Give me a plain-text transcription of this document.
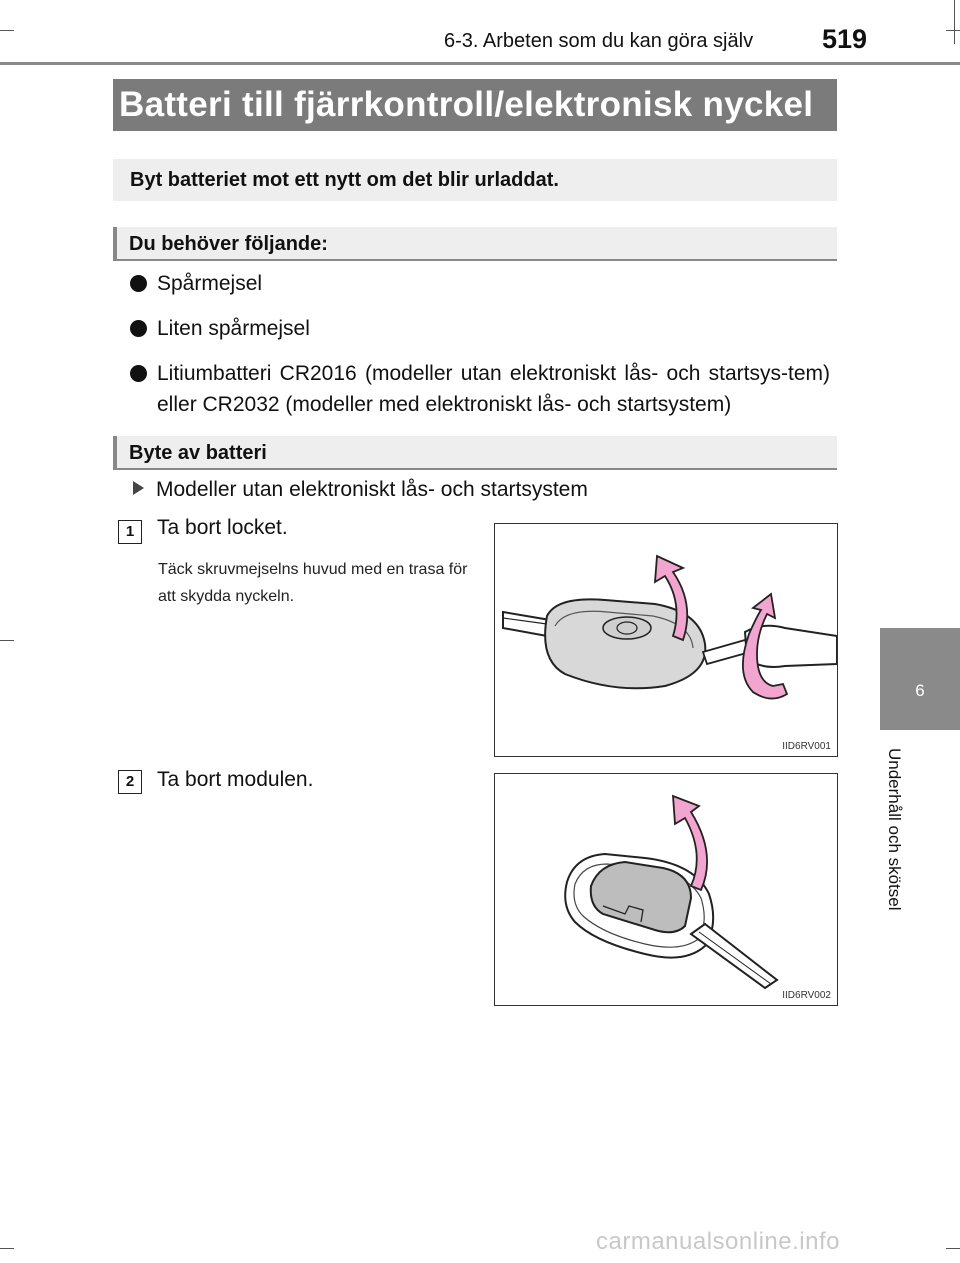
6-3. Arbeten som du kan göra själv	519
Batteri till fjärrkontroll/elektronisk nyckel
Byt batteriet mot ett nytt om det blir urladdat.
Du behöver följande:
Spårmejsel
Liten spårmejsel
Litiumbatteri CR2016 (modeller utan elektroniskt lås- och startsys-tem) eller CR2032 (modeller med elektroniskt lås- och startsystem)
Byte av batteri
Modeller utan elektroniskt lås- och startsystem
1	Ta bort locket.
Täck skruvmejselns huvud med en trasa för att skydda nyckeln.
IID6RV001
2	Ta bort modulen.
IID6RV002
6
Underhåll och skötsel
carmanualsonline.info
